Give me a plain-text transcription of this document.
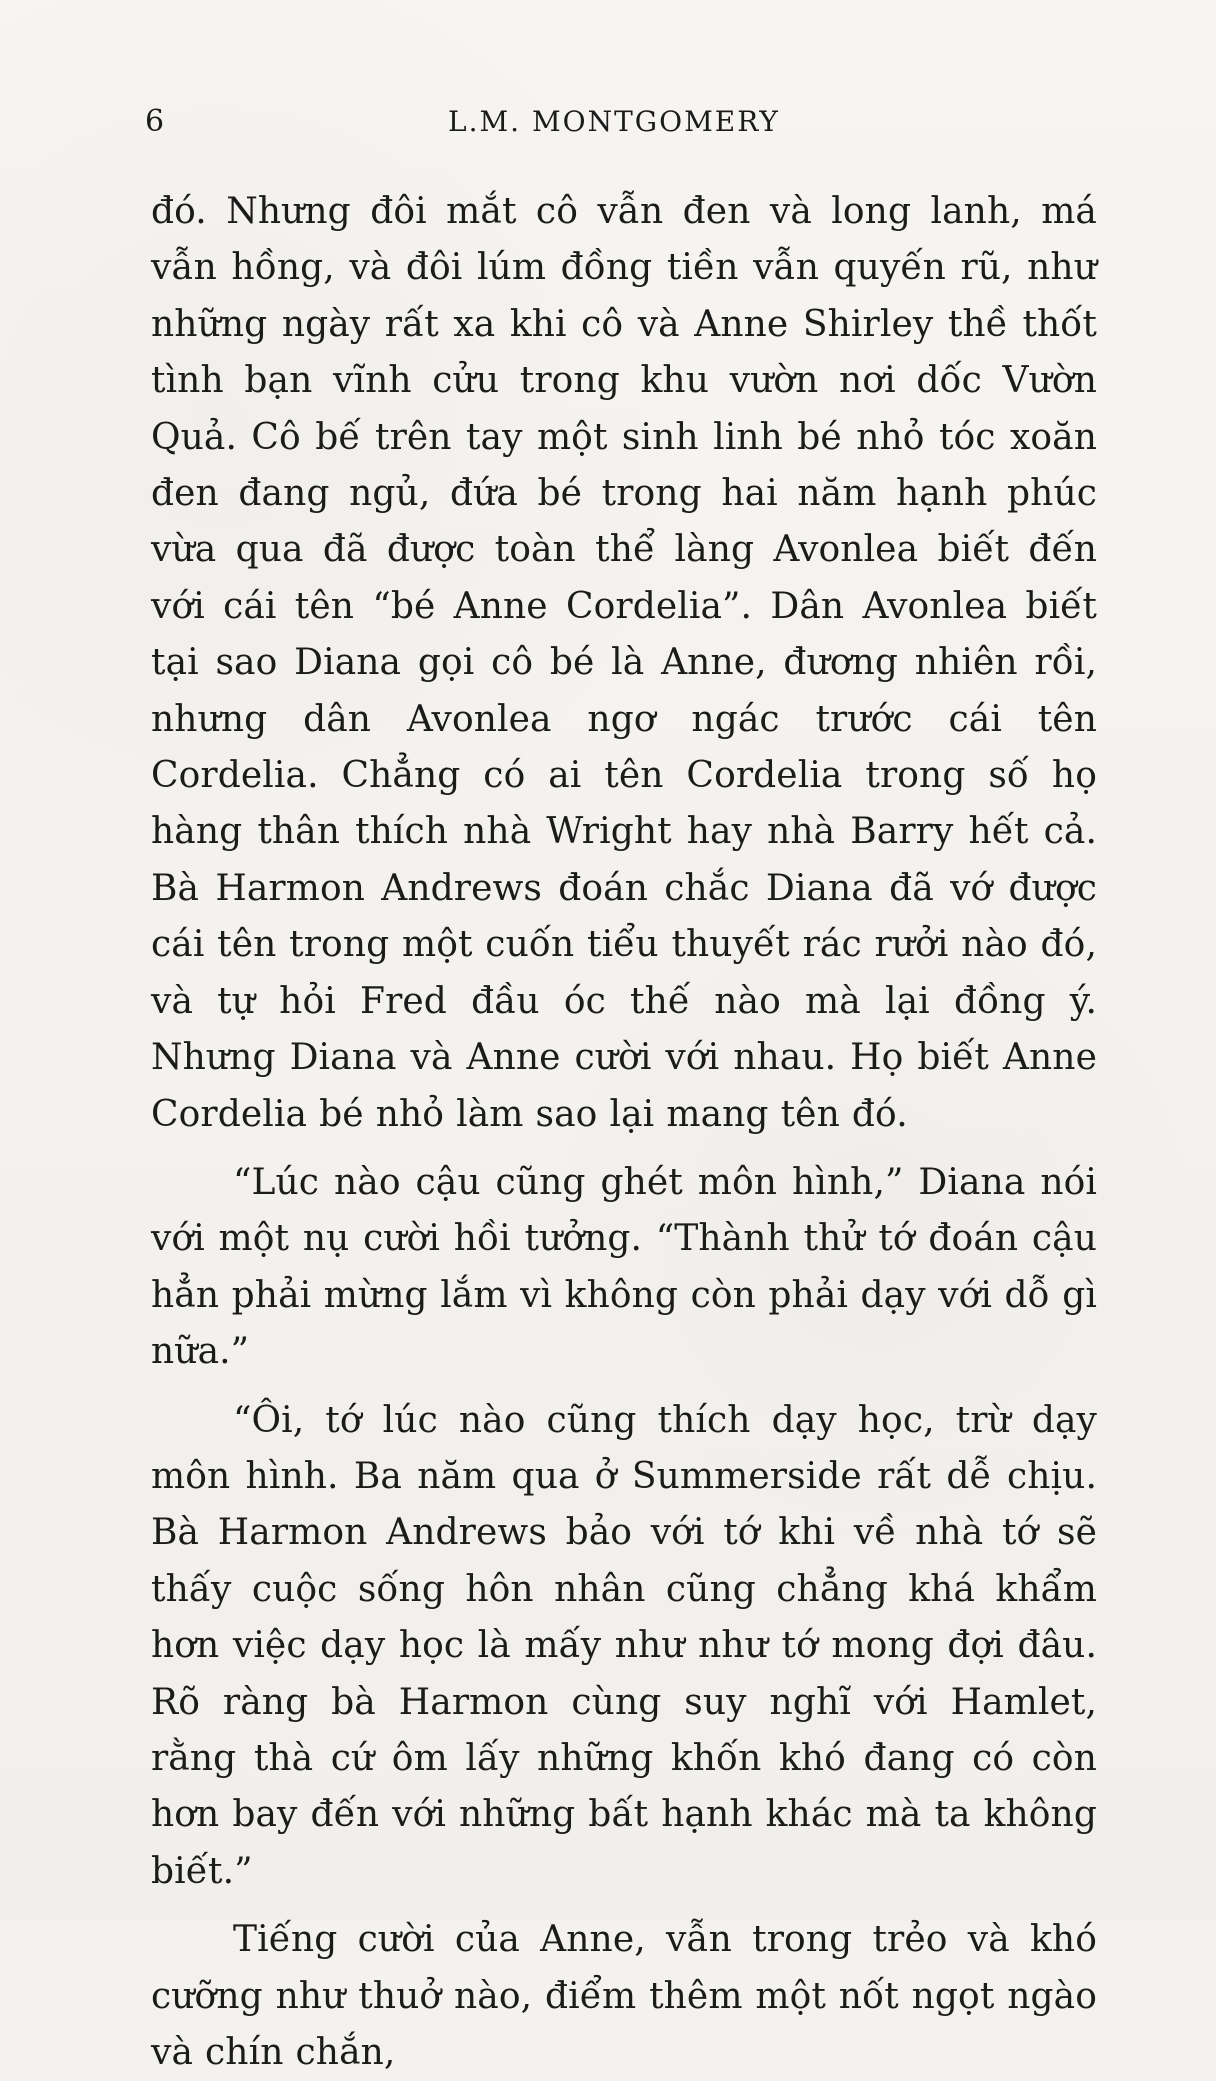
6	L.M. MONTGOMERY

đó. Nhưng đôi mắt cô vẫn đen và long lanh, má vẫn hồng, và đôi lúm đồng tiền vẫn quyến rũ, như những ngày rất xa khi cô và Anne Shirley thề thốt tình bạn vĩnh cửu trong khu vườn nơi dốc Vườn Quả. Cô bế trên tay một sinh linh bé nhỏ tóc xoăn đen đang ngủ, đứa bé trong hai năm hạnh phúc vừa qua đã được toàn thể làng Avonlea biết đến với cái tên “bé Anne Cordelia”. Dân Avonlea biết tại sao Diana gọi cô bé là Anne, đương nhiên rồi, nhưng dân Avonlea ngơ ngác trước cái tên Cordelia. Chẳng có ai tên Cordelia trong số họ hàng thân thích nhà Wright hay nhà Barry hết cả. Bà Harmon Andrews đoán chắc Diana đã vớ được cái tên trong một cuốn tiểu thuyết rác rưởi nào đó, và tự hỏi Fred đầu óc thế nào mà lại đồng ý. Nhưng Diana và Anne cười với nhau. Họ biết Anne Cordelia bé nhỏ làm sao lại mang tên đó.

“Lúc nào cậu cũng ghét môn hình,” Diana nói với một nụ cười hồi tưởng. “Thành thử tớ đoán cậu hẳn phải mừng lắm vì không còn phải dạy với dỗ gì nữa.”

“Ôi, tớ lúc nào cũng thích dạy học, trừ dạy môn hình. Ba năm qua ở Summerside rất dễ chịu. Bà Harmon Andrews bảo với tớ khi về nhà tớ sẽ thấy cuộc sống hôn nhân cũng chẳng khá khẩm hơn việc dạy học là mấy như như tớ mong đợi đâu. Rõ ràng bà Harmon cùng suy nghĩ với Hamlet, rằng thà cứ ôm lấy những khốn khó đang có còn hơn bay đến với những bất hạnh khác mà ta không biết.”

Tiếng cười của Anne, vẫn trong trẻo và khó cưỡng như thuở nào, điểm thêm một nốt ngọt ngào và chín chắn,
